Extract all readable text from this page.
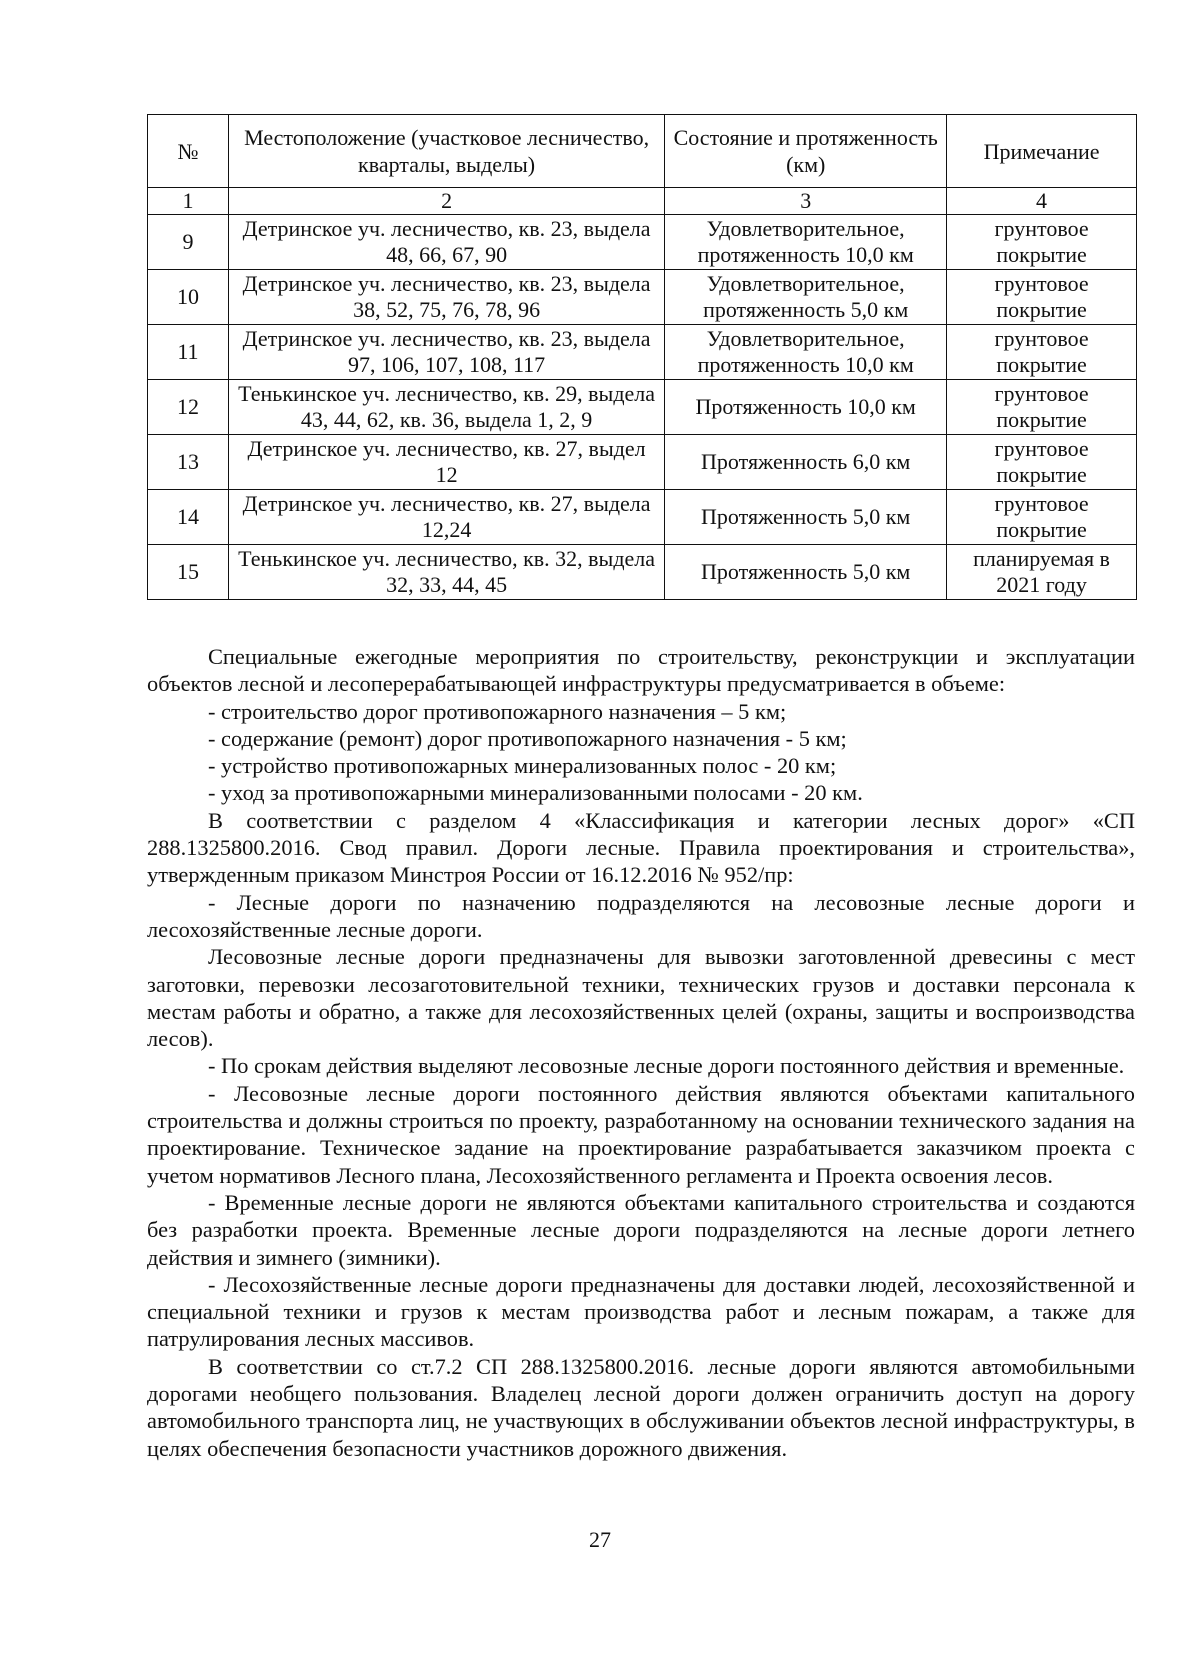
№	Местоположение (участковое лесничество, кварталы, выделы)	Состояние и протяженность (км)	Примечание
1	2	3	4
9	Детринское уч. лесничество, кв. 23, выдела 48, 66, 67, 90	Удовлетворительное, протяженность 10,0 км	грунтовое покрытие
10	Детринское уч. лесничество, кв. 23, выдела 38, 52, 75, 76, 78, 96	Удовлетворительное, протяженность 5,0 км	грунтовое покрытие
11	Детринское уч. лесничество, кв. 23, выдела 97, 106, 107, 108, 117	Удовлетворительное, протяженность 10,0 км	грунтовое покрытие
12	Тенькинское уч. лесничество, кв. 29, выдела 43, 44, 62, кв. 36, выдела 1, 2, 9	Протяженность 10,0 км	грунтовое покрытие
13	Детринское уч. лесничество, кв. 27, выдел 12	Протяженность 6,0 км	грунтовое покрытие
14	Детринское уч. лесничество, кв. 27, выдела 12,24	Протяженность 5,0 км	грунтовое покрытие
15	Тенькинское уч. лесничество, кв. 32, выдела 32, 33, 44, 45	Протяженность 5,0 км	планируемая в 2021 году

Специальные ежегодные мероприятия по строительству, реконструкции и эксплуатации объектов лесной и лесоперерабатывающей инфраструктуры предусматривается в объеме:

- строительство дорог противопожарного назначения – 5 км;

- содержание (ремонт) дорог противопожарного назначения - 5 км;

- устройство противопожарных минерализованных полос - 20 км;

- уход за противопожарными минерализованными полосами - 20 км.

В соответствии с разделом 4 «Классификация и категории лесных дорог» «СП 288.1325800.2016. Свод правил. Дороги лесные. Правила проектирования и строительства», утвержденным приказом Минстроя России от 16.12.2016 № 952/пр:

- Лесные дороги по назначению подразделяются на лесовозные лесные дороги и лесохозяйственные лесные дороги.

Лесовозные лесные дороги предназначены для вывозки заготовленной древесины с мест заготовки, перевозки лесозаготовительной техники, технических грузов и доставки персонала к местам работы и обратно, а также для лесохозяйственных целей (охраны, защиты и воспроизводства лесов).

- По срокам действия выделяют лесовозные лесные дороги постоянного действия и временные.

- Лесовозные лесные дороги постоянного действия являются объектами капитального строительства и должны строиться по проекту, разработанному на основании технического задания на проектирование. Техническое задание на проектирование разрабатывается заказчиком проекта с учетом нормативов Лесного плана, Лесохозяйственного регламента и Проекта освоения лесов.

- Временные лесные дороги не являются объектами капитального строительства и создаются без разработки проекта. Временные лесные дороги подразделяются на лесные дороги летнего действия и зимнего (зимники).

- Лесохозяйственные лесные дороги предназначены для доставки людей, лесохозяйственной и специальной техники и грузов к местам производства работ и лесным пожарам, а также для патрулирования лесных массивов.

В соответствии со ст.7.2 СП 288.1325800.2016. лесные дороги являются автомобильными дорогами необщего пользования. Владелец лесной дороги должен ограничить доступ на дорогу автомобильного транспорта лиц, не участвующих в обслуживании объектов лесной инфраструктуры, в целях обеспечения безопасности участников дорожного движения.

27
